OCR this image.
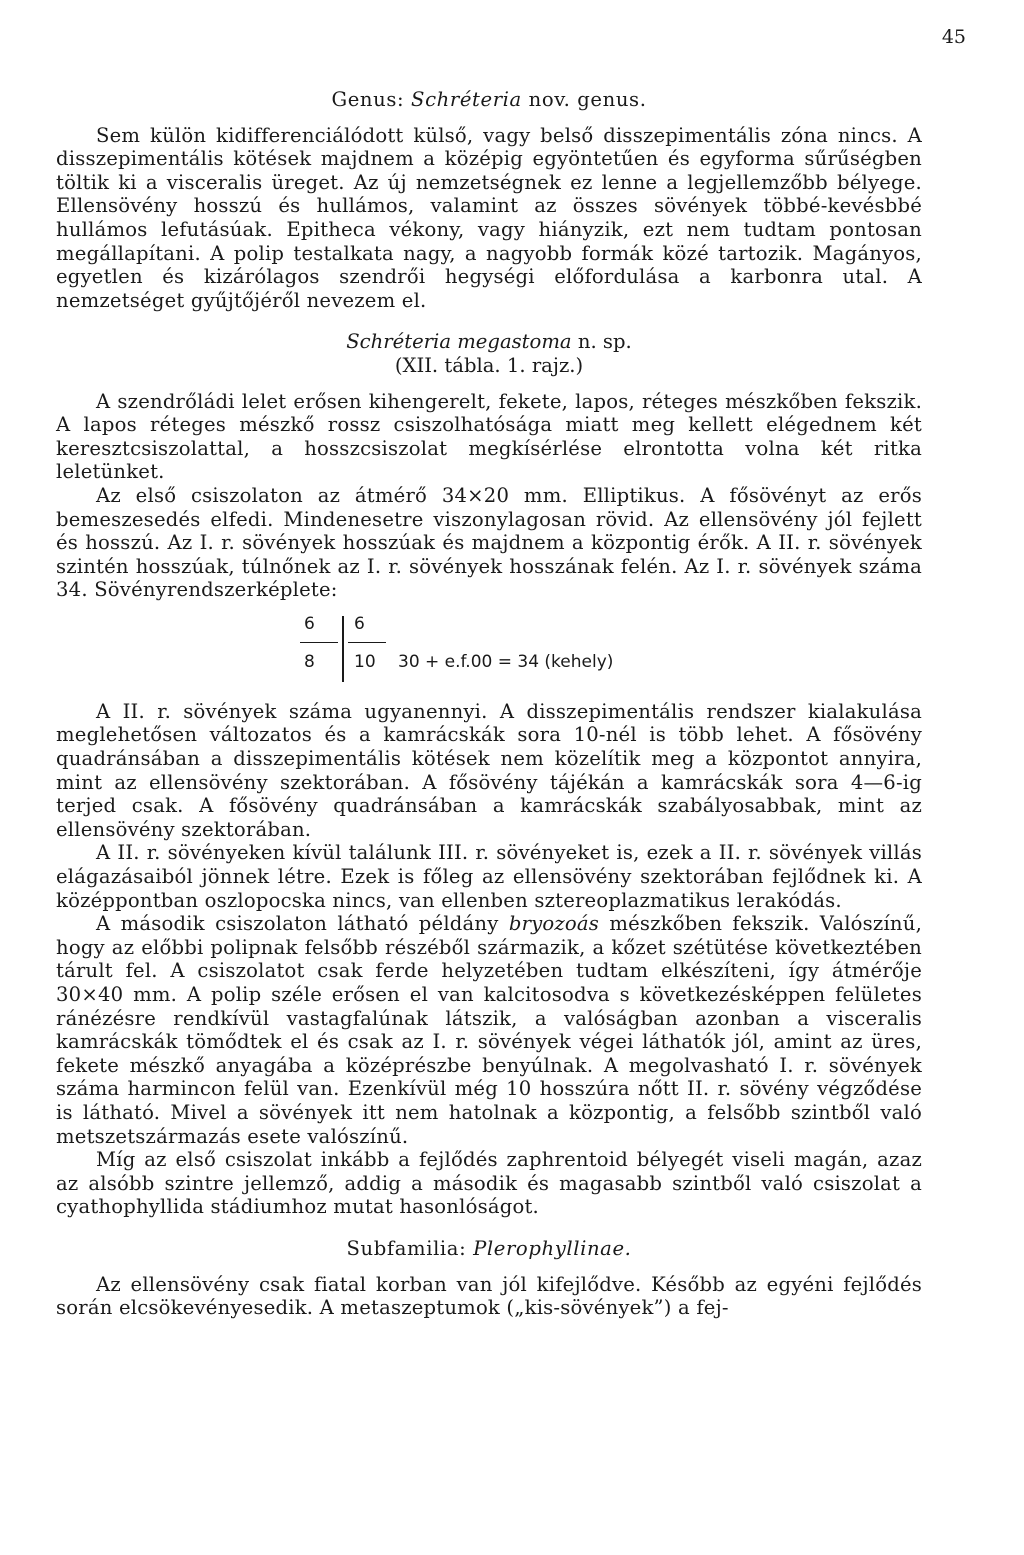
45
Genus: Schréteria nov. genus.

Sem külön kidifferenciálódott külső, vagy belső disszepimentális zóna nincs. A disszepimentális kötések majdnem a középig egyöntetűen és egyforma sűrűségben töltik ki a visceralis üreget. Az új nemzetségnek ez lenne a legjellemzőbb bélyege. Ellensövény hosszú és hullámos, valamint az összes sövények többé-kevésbbé hullámos lefutásúak. Epitheca vékony, vagy hiányzik, ezt nem tudtam pontosan megállapítani. A polip testalkata nagy, a nagyobb formák közé tartozik. Magányos, egyetlen és kizárólagos szendrői hegységi előfordulása a karbonra utal. A nemzetséget gyűjtőjéről nevezem el.

Schréteria megastoma n. sp.
(XII. tábla. 1. rajz.)

A szendrőládi lelet erősen kihengerelt, fekete, lapos, réteges mészkőben fekszik. A lapos réteges mészkő rossz csiszolhatósága miatt meg kellett elégednem két keresztcsiszolattal, a hosszcsiszolat megkísérlése elrontotta volna két ritka leletünket.

Az első csiszolaton az átmérő 34×20 mm. Elliptikus. A fősövényt az erős bemeszesedés elfedi. Mindenesetre viszonylagosan rövid. Az ellensövény jól fejlett és hosszú. Az I. r. sövények hosszúak és majdnem a központig érők. A II. r. sövények szintén hosszúak, túlnőnek az I. r. sövények hosszának felén. Az I. r. sövények száma 34. Sövényrendszerképlete:

6 6
8 10 30 + e.f.00 = 34 (kehely)

A II. r. sövények száma ugyanennyi. A disszepimentális rendszer kialakulása meglehetősen változatos és a kamrácskák sora 10-nél is több lehet. A fősövény quadránsában a disszepimentális kötések nem közelítik meg a központot annyira, mint az ellensövény szektorában. A fősövény tájékán a kamrácskák sora 4—6-ig terjed csak. A fősövény quadránsában a kamrácskák szabályosabbak, mint az ellensövény szektorában.

A II. r. sövényeken kívül találunk III. r. sövényeket is, ezek a II. r. sövények villás elágazásaiból jönnek létre. Ezek is főleg az ellensövény szektorában fejlődnek ki. A középpontban oszlopocska nincs, van ellenben sztereoplazmatikus lerakódás.

A második csiszolaton látható példány bryozoás mészkőben fekszik. Valószínű, hogy az előbbi polipnak felsőbb részéből származik, a kőzet szétütése következtében tárult fel. A csiszolatot csak ferde helyzetében tudtam elkészíteni, így átmérője 30×40 mm. A polip széle erősen el van kalcitosodva s következésképpen felületes ránézésre rendkívül vastagfalúnak látszik, a valóságban azonban a visceralis kamrácskák tömődtek el és csak az I. r. sövények végei láthatók jól, amint az üres, fekete mészkő anyagába a középrészbe benyúlnak. A megolvasható I. r. sövények száma harmincon felül van. Ezenkívül még 10 hosszúra nőtt II. r. sövény végződése is látható. Mivel a sövények itt nem hatolnak a központig, a felsőbb szintből való metszetszármazás esete valószínű.

Míg az első csiszolat inkább a fejlődés zaphrentoid bélyegét viseli magán, azaz az alsóbb szintre jellemző, addig a második és magasabb szintből való csiszolat a cyathophyllida stádiumhoz mutat hasonlóságot.

Subfamilia: Plerophyllinae.

Az ellensövény csak fiatal korban van jól kifejlődve. Később az egyéni fejlődés során elcsökevényesedik. A metaszeptumok („kis-sövények”) a fej-
